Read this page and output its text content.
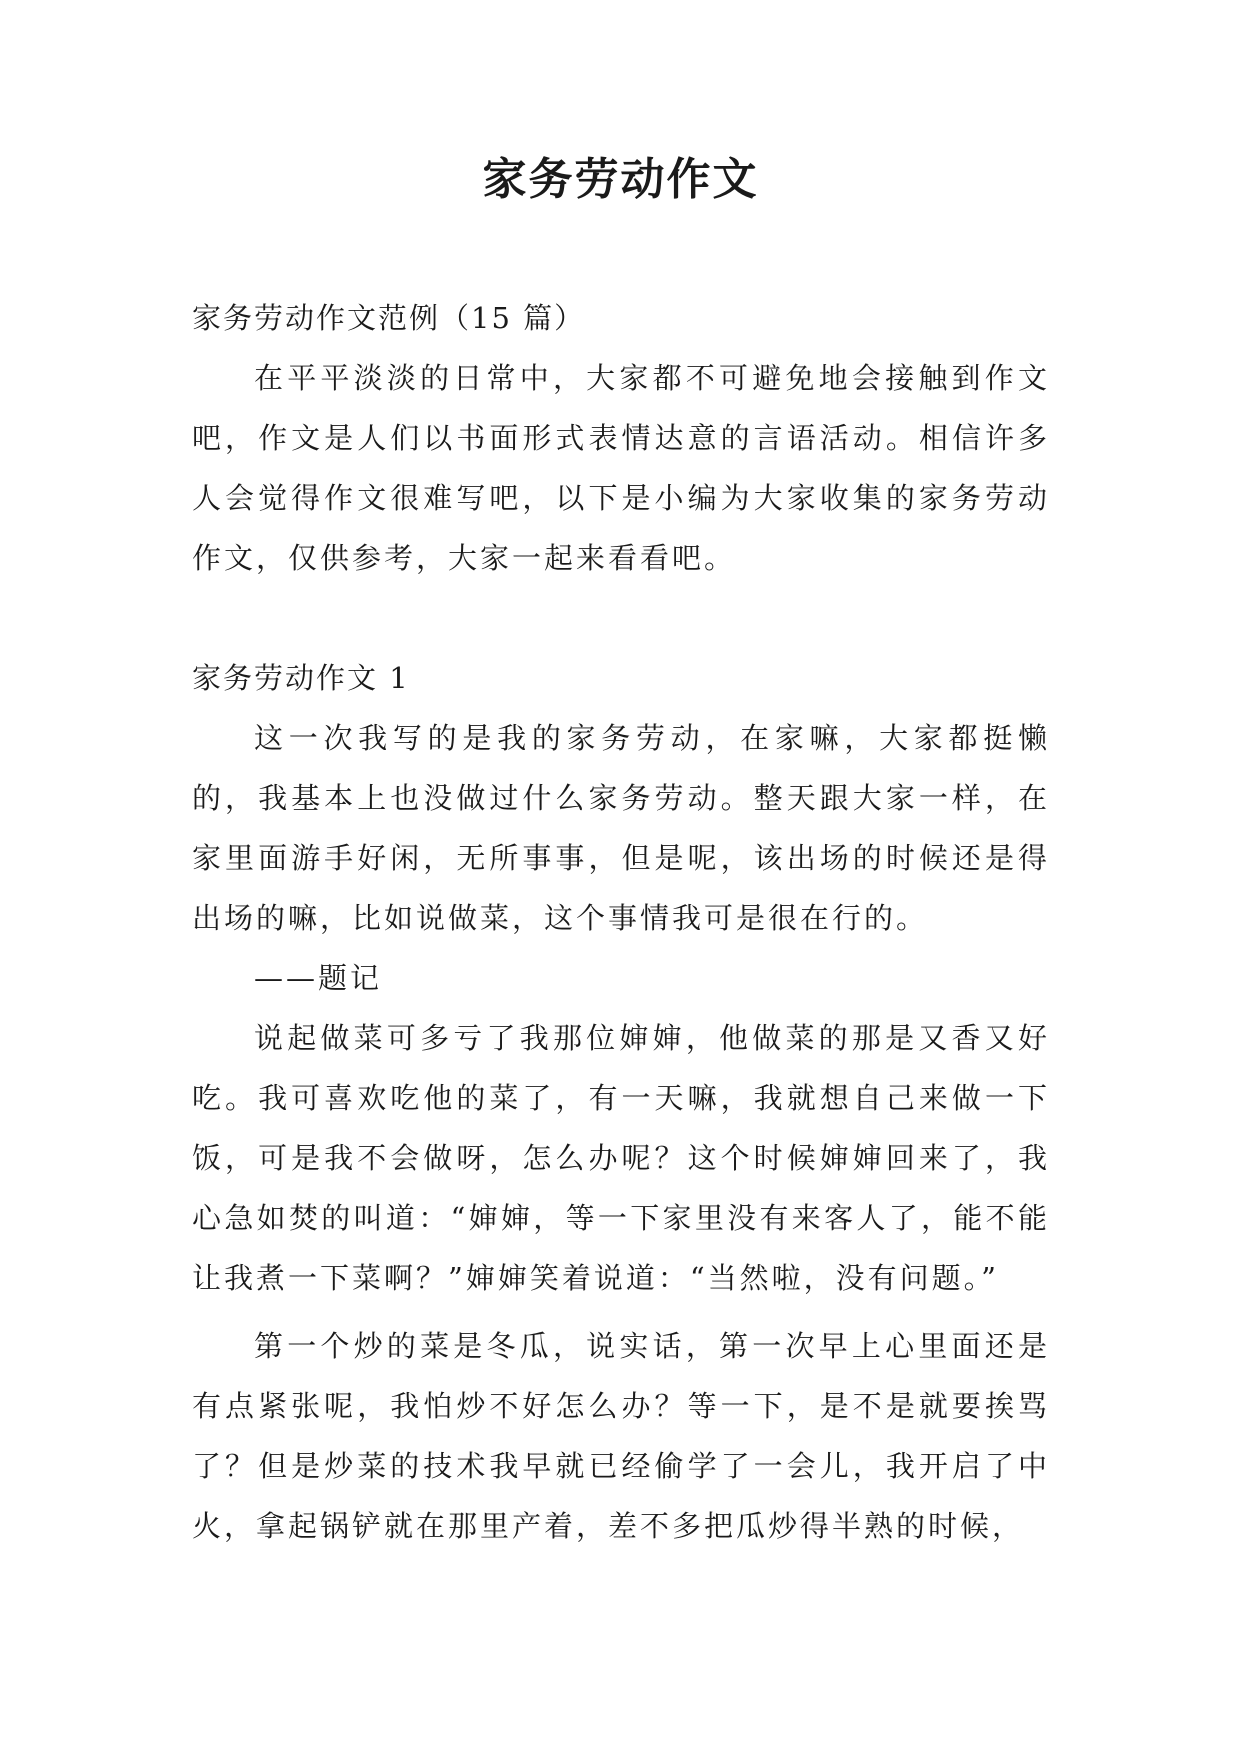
家务劳动作文

家务劳动作文范例（15 篇）

在平平淡淡的日常中，大家都不可避免地会接触到作文吧，作文是人们以书面形式表情达意的言语活动。相信许多人会觉得作文很难写吧，以下是小编为大家收集的家务劳动作文，仅供参考，大家一起来看看吧。

家务劳动作文 1

这一次我写的是我的家务劳动，在家嘛，大家都挺懒的，我基本上也没做过什么家务劳动。整天跟大家一样，在家里面游手好闲，无所事事，但是呢，该出场的时候还是得出场的嘛，比如说做菜，这个事情我可是很在行的。

——题记

说起做菜可多亏了我那位婶婶，他做菜的那是又香又好吃。我可喜欢吃他的菜了，有一天嘛，我就想自己来做一下饭，可是我不会做呀，怎么办呢？这个时候婶婶回来了，我心急如焚的叫道：“婶婶，等一下家里没有来客人了，能不能让我煮一下菜啊？”婶婶笑着说道：“当然啦，没有问题。”

第一个炒的菜是冬瓜，说实话，第一次早上心里面还是有点紧张呢，我怕炒不好怎么办？等一下，是不是就要挨骂了？但是炒菜的技术我早就已经偷学了一会儿，我开启了中火，拿起锅铲就在那里产着，差不多把瓜炒得半熟的时候，
